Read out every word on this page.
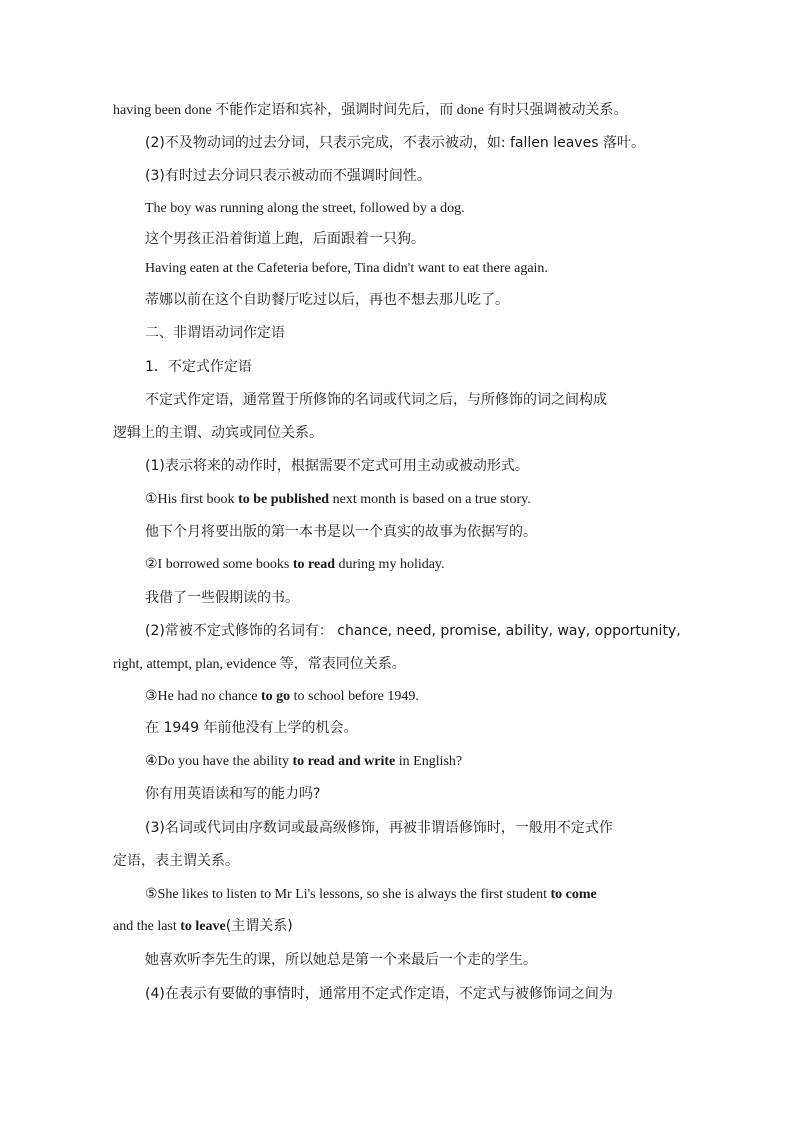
having been done 不能作定语和宾补，强调时间先后，而 done 有时只强调被动关系。
(2)不及物动词的过去分词，只表示完成，不表示被动，如: fallen leaves 落叶。
(3)有时过去分词只表示被动而不强调时间性。
The boy was running along the street, followed by a dog.
这个男孩正沿着街道上跑，后面跟着一只狗。
Having eaten at the Cafeteria before, Tina didn't want to eat there again.
蒂娜以前在这个自助餐厅吃过以后，再也不想去那儿吃了。
二、非谓语动词作定语
1．不定式作定语
不定式作定语，通常置于所修饰的名词或代词之后，与所修饰的词之间构成
逻辑上的主谓、动宾或同位关系。
(1)表示将来的动作时，根据需要不定式可用主动或被动形式。
①His first book to be published next month is based on a true story.
他下个月将要出版的第一本书是以一个真实的故事为依据写的。
②I borrowed some books to read during my holiday.
我借了一些假期读的书。
(2)常被不定式修饰的名词有： chance, need, promise, ability, way, opportunity,
right, attempt, plan, evidence 等，常表同位关系。
③He had no chance to go to school before 1949.
在 1949 年前他没有上学的机会。
④Do you have the ability to read and write in English?
你有用英语读和写的能力吗?
(3)名词或代词由序数词或最高级修饰，再被非谓语修饰时，一般用不定式作
定语，表主谓关系。
⑤She likes to listen to Mr Li's lessons, so she is always the first student to come
and the last to leave(主谓关系)
她喜欢听李先生的课，所以她总是第一个来最后一个走的学生。
(4)在表示有要做的事情时，通常用不定式作定语，不定式与被修饰词之间为
